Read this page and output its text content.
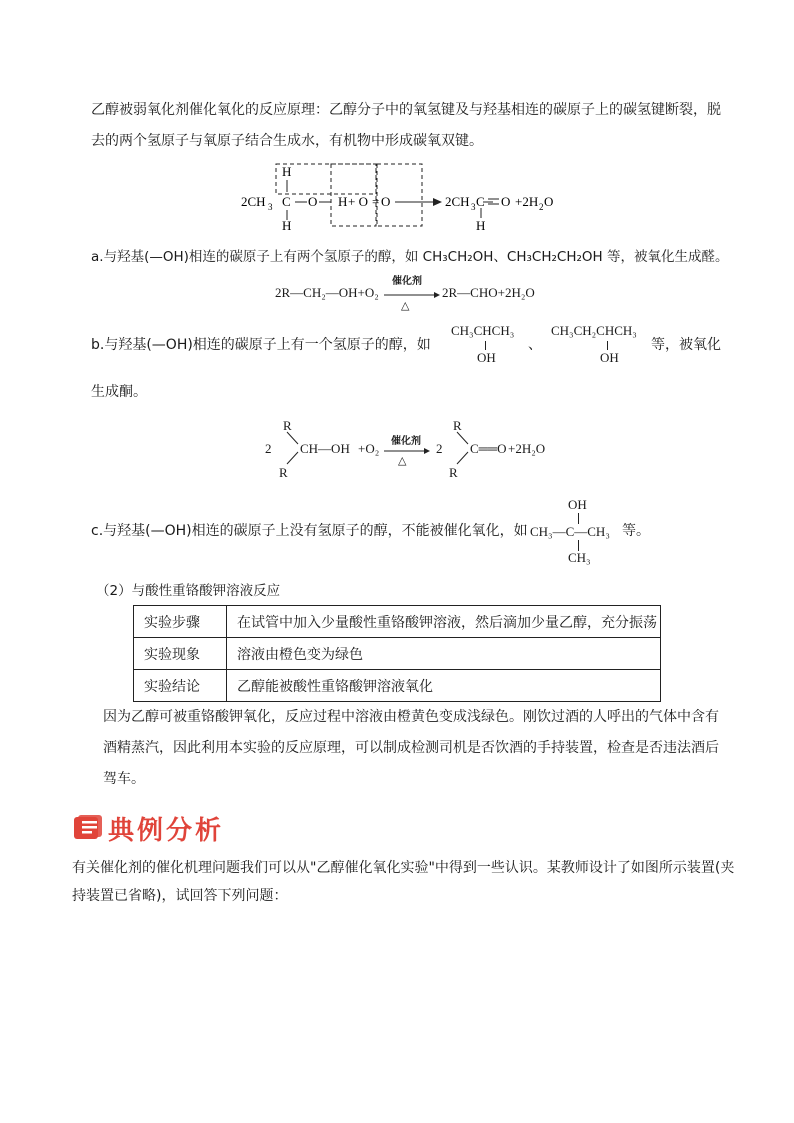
乙醇被弱氧化剂催化氧化的反应原理：乙醇分子中的氧氢键及与羟基相连的碳原子上的碳氢键断裂，脱
去的两个氢原子与氧原子结合生成水，有机物中形成碳氧双键。
2CH 3
H
C
H
O H + O = O	2CH 3 C O
H
+2H 2 O
a.与羟基(—OH)相连的碳原子上有两个氢原子的醇，如 CH₃CH₂OH、CH₃CH₂CH₂OH 等，被氧化生成醛。
2R—CH₂—OH+O₂
催化剂
△
2R—CHO+2H₂O
b.与羟基(—OH)相连的碳原子上有一个氢原子的醇，如
CH₃CHCH₃
OH
、
CH₃CH₂CHCH₃
OH
等，被氧化
生成酮。
2
R
CH—OH
R
+O₂ 催化剂
△
2
R
C══O
R
+2H₂O
c.与羟基(—OH)相连的碳原子上没有氢原子的醇，不能被催化氧化，如
OH
CH₃—C—CH₃
CH₃
等。
（2）与酸性重铬酸钾溶液反应
实验步骤	在试管中加入少量酸性重铬酸钾溶液，然后滴加少量乙醇，充分振荡
实验现象	溶液由橙色变为绿色
实验结论	乙醇能被酸性重铬酸钾溶液氧化
因为乙醇可被重铬酸钾氧化，反应过程中溶液由橙黄色变成浅绿色。刚饮过酒的人呼出的气体中含有
酒精蒸汽，因此利用本实验的反应原理，可以制成检测司机是否饮酒的手持装置，检查是否违法酒后
驾车。
典例分析
有关催化剂的催化机理问题我们可以从"乙醇催化氧化实验"中得到一些认识。某教师设计了如图所示装置(夹
持装置已省略)，试回答下列问题：
